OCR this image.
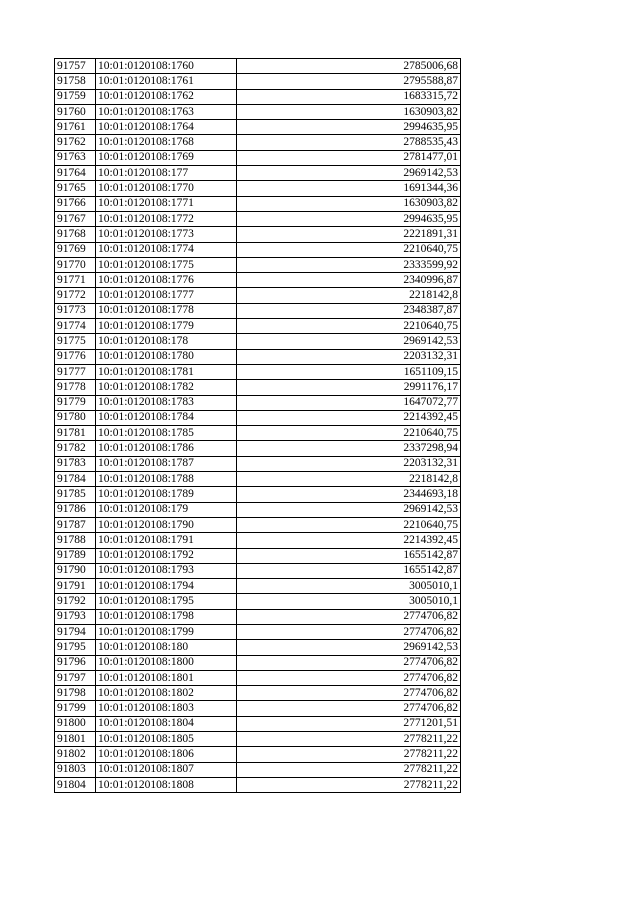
91757	10:01:0120108:1760	2785006,68
91758	10:01:0120108:1761	2795588,87
91759	10:01:0120108:1762	1683315,72
91760	10:01:0120108:1763	1630903,82
91761	10:01:0120108:1764	2994635,95
91762	10:01:0120108:1768	2788535,43
91763	10:01:0120108:1769	2781477,01
91764	10:01:0120108:177	2969142,53
91765	10:01:0120108:1770	1691344,36
91766	10:01:0120108:1771	1630903,82
91767	10:01:0120108:1772	2994635,95
91768	10:01:0120108:1773	2221891,31
91769	10:01:0120108:1774	2210640,75
91770	10:01:0120108:1775	2333599,92
91771	10:01:0120108:1776	2340996,87
91772	10:01:0120108:1777	2218142,8
91773	10:01:0120108:1778	2348387,87
91774	10:01:0120108:1779	2210640,75
91775	10:01:0120108:178	2969142,53
91776	10:01:0120108:1780	2203132,31
91777	10:01:0120108:1781	1651109,15
91778	10:01:0120108:1782	2991176,17
91779	10:01:0120108:1783	1647072,77
91780	10:01:0120108:1784	2214392,45
91781	10:01:0120108:1785	2210640,75
91782	10:01:0120108:1786	2337298,94
91783	10:01:0120108:1787	2203132,31
91784	10:01:0120108:1788	2218142,8
91785	10:01:0120108:1789	2344693,18
91786	10:01:0120108:179	2969142,53
91787	10:01:0120108:1790	2210640,75
91788	10:01:0120108:1791	2214392,45
91789	10:01:0120108:1792	1655142,87
91790	10:01:0120108:1793	1655142,87
91791	10:01:0120108:1794	3005010,1
91792	10:01:0120108:1795	3005010,1
91793	10:01:0120108:1798	2774706,82
91794	10:01:0120108:1799	2774706,82
91795	10:01:0120108:180	2969142,53
91796	10:01:0120108:1800	2774706,82
91797	10:01:0120108:1801	2774706,82
91798	10:01:0120108:1802	2774706,82
91799	10:01:0120108:1803	2774706,82
91800	10:01:0120108:1804	2771201,51
91801	10:01:0120108:1805	2778211,22
91802	10:01:0120108:1806	2778211,22
91803	10:01:0120108:1807	2778211,22
91804	10:01:0120108:1808	2778211,22
